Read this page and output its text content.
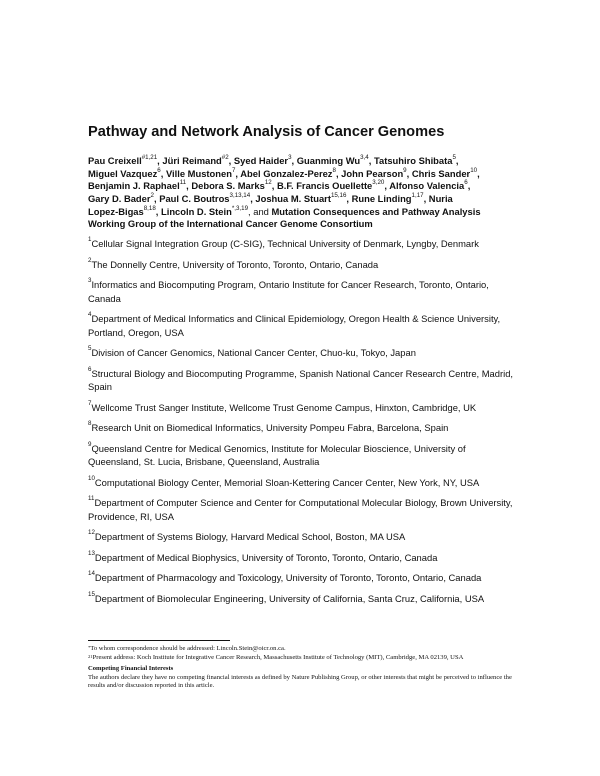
Pathway and Network Analysis of Cancer Genomes
Pau Creixell$^{\#1,21}$, Jüri Reimand$^{\#2}$, Syed Haider$^3$, Guanming Wu$^{3,4}$, Tatsuhiro Shibata$^5$,
Miguel Vazquez$^6$, Ville Mustonen$^7$, Abel Gonzalez-Perez$^8$, John Pearson$^9$, Chris Sander$^{10}$,
Benjamin J. Raphael$^{11}$, Debora S. Marks$^{12}$, B.F. Francis Ouellette$^{3,20}$, Alfonso Valencia$^6$,
Gary D. Bader$^2$, Paul C. Boutros$^{3,13,14}$, Joshua M. Stuart$^{15,16}$, Rune Linding$^{1,17}$, Nuria
Lopez-Bigas$^{8,18}$, Lincoln D. Stein$^{*,3,19}$, and Mutation Consequences and Pathway Analysis
Working Group of the International Cancer Genome Consortium

$^1$Cellular Signal Integration Group (C-SIG), Technical University of Denmark, Lyngby, Denmark

$^2$The Donnelly Centre, University of Toronto, Toronto, Ontario, Canada

$^3$Informatics and Biocomputing Program, Ontario Institute for Cancer Research, Toronto, Ontario, Canada

$^4$Department of Medical Informatics and Clinical Epidemiology, Oregon Health & Science University, Portland, Oregon, USA

$^5$Division of Cancer Genomics, National Cancer Center, Chuo-ku, Tokyo, Japan

$^6$Structural Biology and Biocomputing Programme, Spanish National Cancer Research Centre, Madrid, Spain

$^7$Wellcome Trust Sanger Institute, Wellcome Trust Genome Campus, Hinxton, Cambridge, UK

$^8$Research Unit on Biomedical Informatics, University Pompeu Fabra, Barcelona, Spain

$^9$Queensland Centre for Medical Genomics, Institute for Molecular Bioscience, University of Queensland, St. Lucia, Brisbane, Queensland, Australia

$^{10}$Computational Biology Center, Memorial Sloan-Kettering Cancer Center, New York, NY, USA

$^{11}$Department of Computer Science and Center for Computational Molecular Biology, Brown University, Providence, RI, USA

$^{12}$Department of Systems Biology, Harvard Medical School, Boston, MA USA

$^{13}$Department of Medical Biophysics, University of Toronto, Toronto, Ontario, Canada

$^{14}$Department of Pharmacology and Toxicology, University of Toronto, Toronto, Ontario, Canada

$^{15}$Department of Biomolecular Engineering, University of California, Santa Cruz, California, USA

*To whom correspondence should be addressed: Lincoln.Stein@oicr.on.ca.

$^{21}$Present address: Koch Institute for Integrative Cancer Research, Massachusetts Institute of Technology (MIT), Cambridge, MA 02139, USA

Competing Financial Interests

The authors declare they have no competing financial interests as defined by Nature Publishing Group, or other interests that might be perceived to influence the results and/or discussion reported in this article.
